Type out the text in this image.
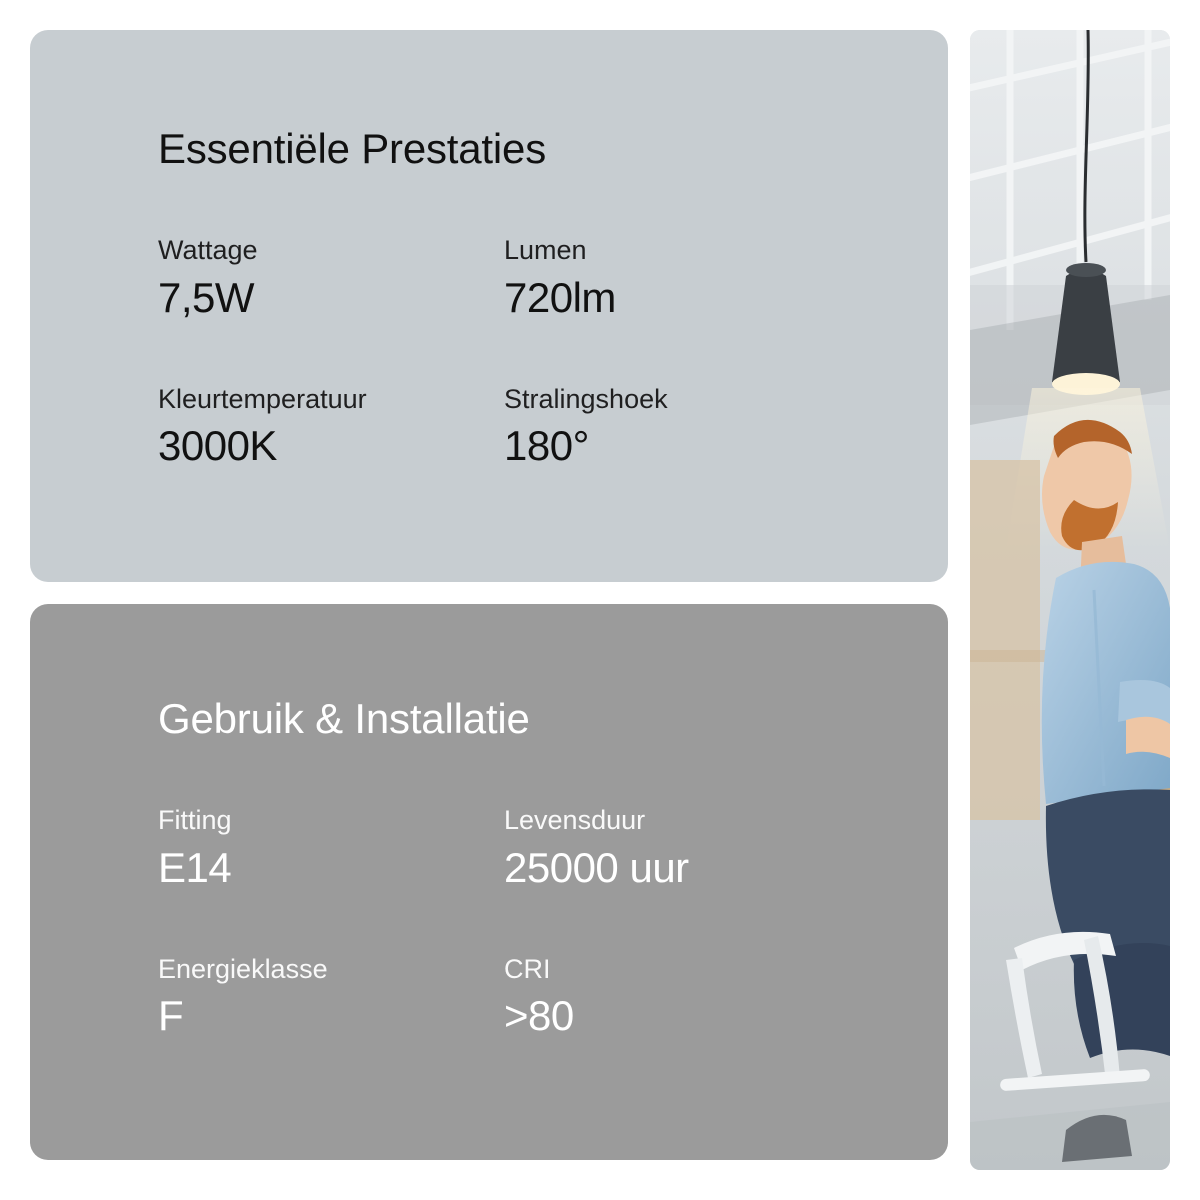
Essentiële Prestaties
Wattage
7,5W
Lumen
720lm
Kleurtemperatuur
3000K
Stralingshoek
180°
Gebruik & Installatie
Fitting
E14
Levensduur
25000 uur
Energieklasse
F
CRI
>80
